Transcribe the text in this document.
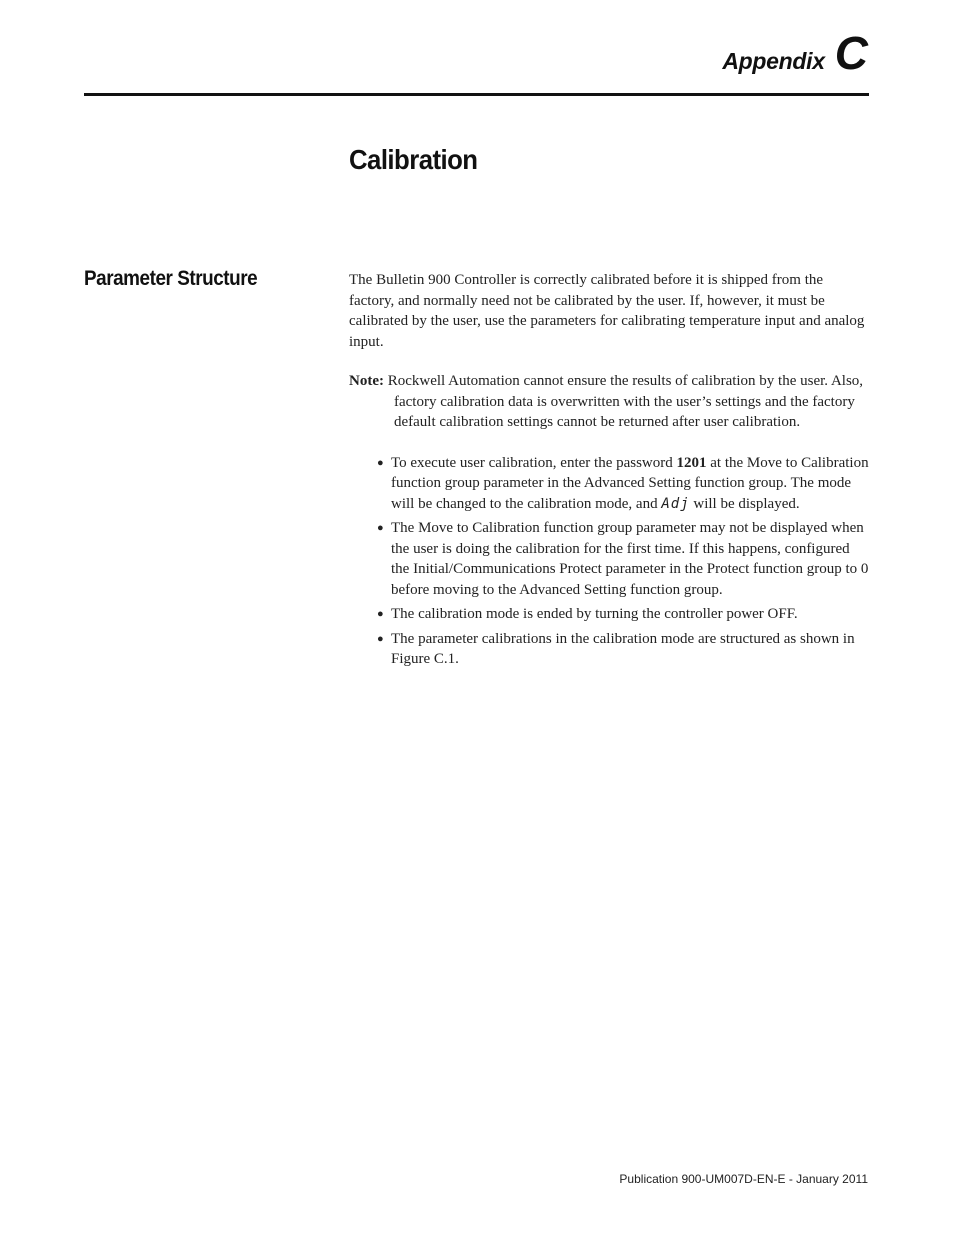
Appendix C
Calibration
Parameter Structure	The Bulletin 900 Controller is correctly calibrated before it is shipped from the factory, and normally need not be calibrated by the user. If, however, it must be calibrated by the user, use the parameters for calibrating temperature input and analog input.

Note: Rockwell Automation cannot ensure the results of calibration by the user. Also, factory calibration data is overwritten with the user’s settings and the factory default calibration settings cannot be returned after user calibration.

● To execute user calibration, enter the password 1201 at the Move to Calibration function group parameter in the Advanced Setting function group. The mode will be changed to the calibration mode, and Adj will be displayed.
● The Move to Calibration function group parameter may not be displayed when the user is doing the calibration for the first time. If this happens, configured the Initial/Communications Protect parameter in the Protect function group to 0 before moving to the Advanced Setting function group.
● The calibration mode is ended by turning the controller power OFF.
● The parameter calibrations in the calibration mode are structured as shown in Figure C.1.
Publication 900-UM007D-EN-E - January 2011
